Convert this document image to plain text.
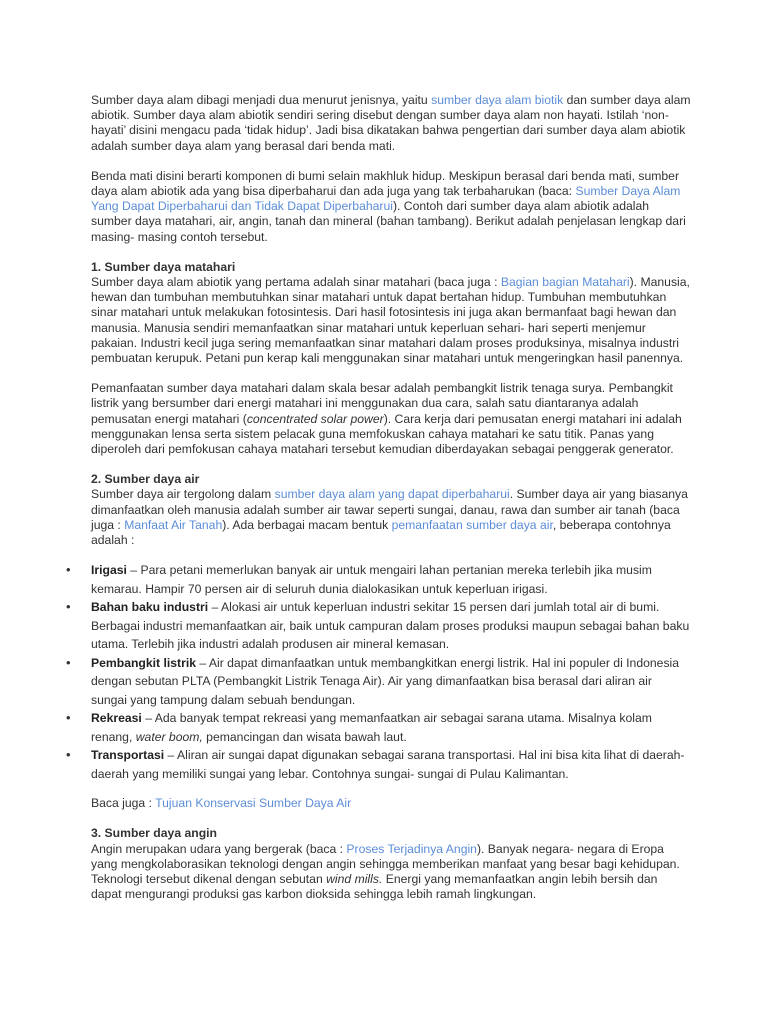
Sumber daya alam dibagi menjadi dua menurut jenisnya, yaitu sumber daya alam biotik dan sumber daya alam abiotik. Sumber daya alam abiotik sendiri sering disebut dengan sumber daya alam non hayati. Istilah ‘non- hayati’ disini mengacu pada ‘tidak hidup’. Jadi bisa dikatakan bahwa pengertian dari sumber daya alam abiotik adalah sumber daya alam yang berasal dari benda mati.

Benda mati disini berarti komponen di bumi selain makhluk hidup. Meskipun berasal dari benda mati, sumber daya alam abiotik ada yang bisa diperbaharui dan ada juga yang tak terbaharukan (baca: Sumber Daya Alam Yang Dapat Diperbaharui dan Tidak Dapat Diperbaharui). Contoh dari sumber daya alam abiotik adalah sumber daya matahari, air, angin, tanah dan mineral (bahan tambang). Berikut adalah penjelasan lengkap dari masing- masing contoh tersebut.

1. Sumber daya matahari

Sumber daya alam abiotik yang pertama adalah sinar matahari (baca juga : Bagian bagian Matahari). Manusia, hewan dan tumbuhan membutuhkan sinar matahari untuk dapat bertahan hidup. Tumbuhan membutuhkan sinar matahari untuk melakukan fotosintesis. Dari hasil fotosintesis ini juga akan bermanfaat bagi hewan dan manusia. Manusia sendiri memanfaatkan sinar matahari untuk keperluan sehari- hari seperti menjemur pakaian. Industri kecil juga sering memanfaatkan sinar matahari dalam proses produksinya, misalnya industri pembuatan kerupuk. Petani pun kerap kali menggunakan sinar matahari untuk mengeringkan hasil panennya.

Pemanfaatan sumber daya matahari dalam skala besar adalah pembangkit listrik tenaga surya. Pembangkit listrik yang bersumber dari energi matahari ini menggunakan dua cara, salah satu diantaranya adalah pemusatan energi matahari (concentrated solar power). Cara kerja dari pemusatan energi matahari ini adalah menggunakan lensa serta sistem pelacak guna memfokuskan cahaya matahari ke satu titik. Panas yang diperoleh dari pemfokusan cahaya matahari tersebut kemudian diberdayakan sebagai penggerak generator.

2. Sumber daya air

Sumber daya air tergolong dalam sumber daya alam yang dapat diperbaharui. Sumber daya air yang biasanya dimanfaatkan oleh manusia adalah sumber air tawar seperti sungai, danau, rawa dan sumber air tanah (baca juga : Manfaat Air Tanah). Ada berbagai macam bentuk pemanfaatan sumber daya air, beberapa contohnya adalah :

• Irigasi – Para petani memerlukan banyak air untuk mengairi lahan pertanian mereka terlebih jika musim kemarau. Hampir 70 persen air di seluruh dunia dialokasikan untuk keperluan irigasi.
• Bahan baku industri – Alokasi air untuk keperluan industri sekitar 15 persen dari jumlah total air di bumi. Berbagai industri memanfaatkan air, baik untuk campuran dalam proses produksi maupun sebagai bahan baku utama. Terlebih jika industri adalah produsen air mineral kemasan.
• Pembangkit listrik – Air dapat dimanfaatkan untuk membangkitkan energi listrik. Hal ini populer di Indonesia dengan sebutan PLTA (Pembangkit Listrik Tenaga Air). Air yang dimanfaatkan bisa berasal dari aliran air sungai yang tampung dalam sebuah bendungan.
• Rekreasi – Ada banyak tempat rekreasi yang memanfaatkan air sebagai sarana utama. Misalnya kolam renang, water boom, pemancingan dan wisata bawah laut.
• Transportasi – Aliran air sungai dapat digunakan sebagai sarana transportasi. Hal ini bisa kita lihat di daerah- daerah yang memiliki sungai yang lebar. Contohnya sungai- sungai di Pulau Kalimantan.

Baca juga : Tujuan Konservasi Sumber Daya Air

3. Sumber daya angin

Angin merupakan udara yang bergerak (baca : Proses Terjadinya Angin). Banyak negara- negara di Eropa yang mengkolaborasikan teknologi dengan angin sehingga memberikan manfaat yang besar bagi kehidupan. Teknologi tersebut dikenal dengan sebutan wind mills. Energi yang memanfaatkan angin lebih bersih dan dapat mengurangi produksi gas karbon dioksida sehingga lebih ramah lingkungan.
